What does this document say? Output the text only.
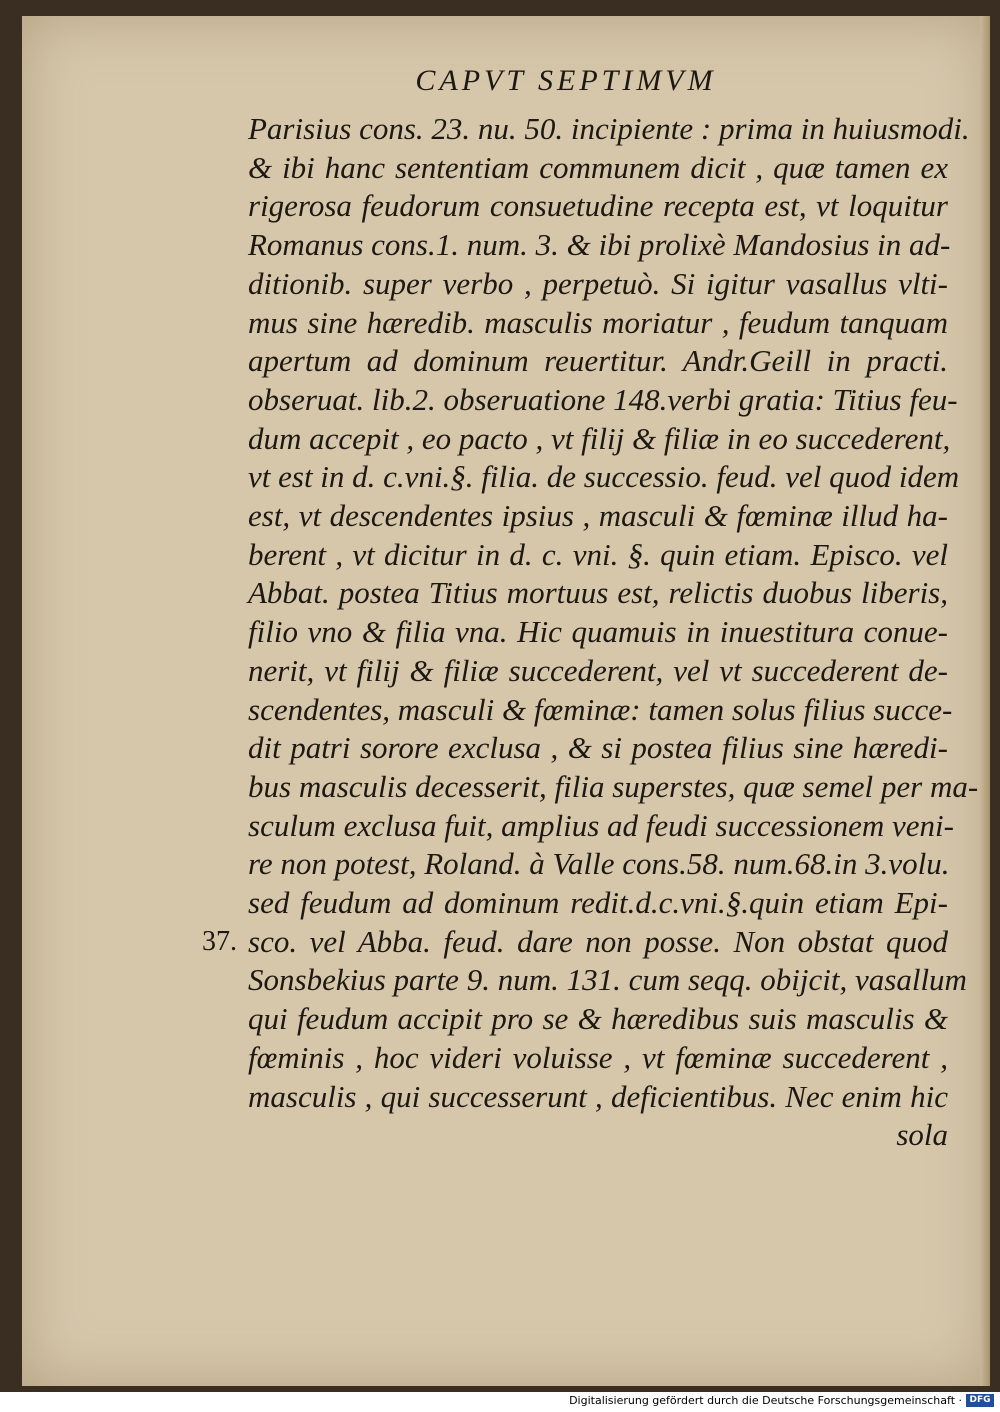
CAPVT SEPTIMVM
Parisius cons. 23. nu. 50. incipiente : prima in huiusmodi.
& ibi hanc sententiam communem dicit , quæ tamen ex
rigerosa feudorum consuetudine recepta est, vt loquitur
Romanus cons.1. num. 3. & ibi prolixè Mandosius in ad-
ditionib. super verbo , perpetuò. Si igitur vasallus vlti-
mus sine hæredib. masculis moriatur , feudum tanquam
apertum ad dominum reuertitur. Andr.Geill in practi.
obseruat. lib.2. obseruatione 148.verbi gratia: Titius feu-
dum accepit , eo pacto , vt filij & filiæ in eo succederent,
vt est in d. c.vni.§. filia. de successio. feud. vel quod idem
est, vt descendentes ipsius , masculi & fœminæ illud ha-
berent , vt dicitur in d. c. vni. §. quin etiam. Episco. vel
Abbat. postea Titius mortuus est, relictis duobus liberis,
filio vno & filia vna. Hic quamuis in inuestitura conue-
nerit, vt filij & filiæ succederent, vel vt succederent de-
scendentes, masculi & fœminæ: tamen solus filius succe-
dit patri sorore exclusa , & si postea filius sine hæredi-
bus masculis decesserit, filia superstes, quæ semel per ma-
sculum exclusa fuit, amplius ad feudi successionem veni-
re non potest, Roland. à Valle cons.58. num.68.in 3.volu.
sed feudum ad dominum redit.d.c.vni.§.quin etiam Epi-
sco. vel Abba. feud. dare non posse. Non obstat quod
Sonsbekius parte 9. num. 131. cum seqq. obijcit, vasallum
qui feudum accipit pro se & hæredibus suis masculis &
fœminis , hoc videri voluisse , vt fœminæ succederent ,
masculis , qui successerunt , deficientibus. Nec enim hic
sola
37.
Digitalisierung gefördert durch die Deutsche Forschungsgemeinschaft · DFG
